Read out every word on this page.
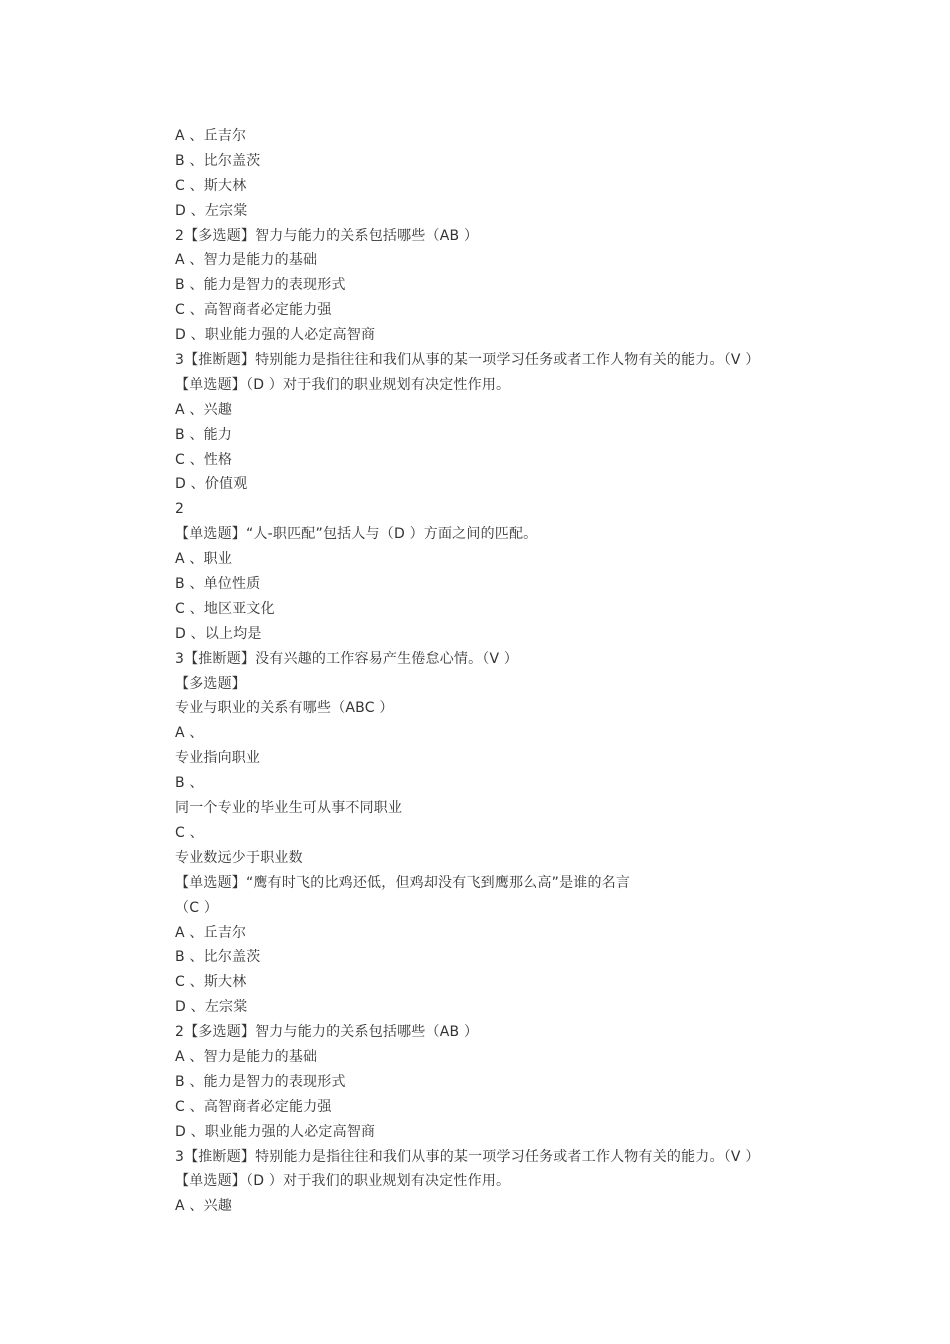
A 、丘吉尔
B 、比尔盖茨
C 、斯大林
D 、左宗棠
2【多选题】智力与能力的关系包括哪些（AB ）
A 、智力是能力的基础
B 、能力是智力的表现形式
C 、高智商者必定能力强
D 、职业能力强的人必定高智商
3【推断题】特别能力是指往往和我们从事的某一项学习任务或者工作人物有关的能力。（V ）
【单选题】（D ）对于我们的职业规划有决定性作用。
A 、兴趣
B 、能力
C 、性格
D 、价值观
2
【单选题】“人-职匹配”包括人与（D ）方面之间的匹配。
A 、职业
B 、单位性质
C 、地区亚文化
D 、以上均是
3【推断题】没有兴趣的工作容易产生倦怠心情。（V ）
【多选题】
专业与职业的关系有哪些（ABC ）
A 、
专业指向职业
B 、
同一个专业的毕业生可从事不同职业
C 、
专业数远少于职业数
【单选题】“鹰有时飞的比鸡还低，但鸡却没有飞到鹰那么高”是谁的名言
（C ）
A 、丘吉尔
B 、比尔盖茨
C 、斯大林
D 、左宗棠
2【多选题】智力与能力的关系包括哪些（AB ）
A 、智力是能力的基础
B 、能力是智力的表现形式
C 、高智商者必定能力强
D 、职业能力强的人必定高智商
3【推断题】特别能力是指往往和我们从事的某一项学习任务或者工作人物有关的能力。（V ）
【单选题】（D ）对于我们的职业规划有决定性作用。
A 、兴趣
